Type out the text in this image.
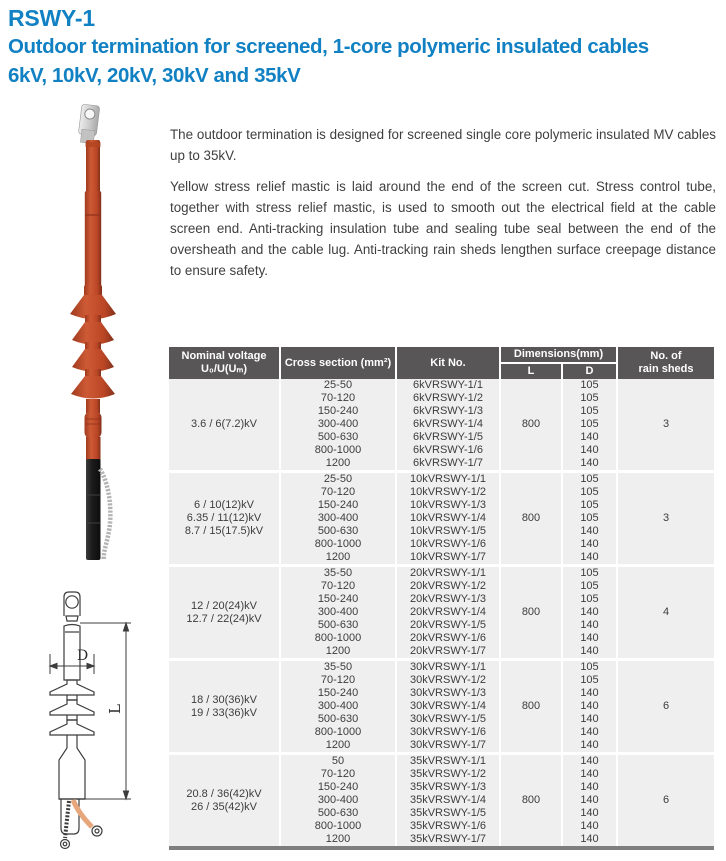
RSWY-1
Outdoor termination for screened, 1-core polymeric insulated cables
6kV, 10kV, 20kV, 30kV and 35kV
D
L

The outdoor termination is designed for screened single core polymeric insulated MV cables up to 35kV.

Yellow stress relief mastic is laid around the end of the screen cut. Stress control tube, together with stress relief mastic, is used to smooth out the electrical field at the cable screen end. Anti-tracking insulation tube and sealing tube seal between the end of the oversheath and the cable lug. Anti-tracking rain sheds lengthen surface creepage distance to ensure safety.

Nominal voltage
U₀/U(Uₘ)	Cross section (mm²)	Kit No.	Dimensions(mm)		No. of
rain sheds

			L	D	

3.6 / 6(7.2)kV	25-50	6kVRSWY-1/1	800	105	3
	70-120	6kVRSWY-1/2		105	
	150-240	6kVRSWY-1/3		105	
	300-400	6kVRSWY-1/4		105	
	500-630	6kVRSWY-1/5		140	
	800-1000	6kVRSWY-1/6		140	
	1200	6kVRSWY-1/7		140	

6 / 10(12)kV
6.35 / 11(12)kV
8.7 / 15(17.5)kV	25-50	10kVRSWY-1/1	800	105	3
	70-120	10kVRSWY-1/2		105	
	150-240	10kVRSWY-1/3		105	
	300-400	10kVRSWY-1/4		105	
	500-630	10kVRSWY-1/5		140	
	800-1000	10kVRSWY-1/6		140	
	1200	10kVRSWY-1/7		140	

12 / 20(24)kV
12.7 / 22(24)kV	35-50	20kVRSWY-1/1	800	105	4
	70-120	20kVRSWY-1/2		105	
	150-240	20kVRSWY-1/3		105	
	300-400	20kVRSWY-1/4		140	
	500-630	20kVRSWY-1/5		140	
	800-1000	20kVRSWY-1/6		140	
	1200	20kVRSWY-1/7		140	

18 / 30(36)kV
19 / 33(36)kV	35-50	30kVRSWY-1/1	800	105	6
	70-120	30kVRSWY-1/2		105	
	150-240	30kVRSWY-1/3		140	
	300-400	30kVRSWY-1/4		140	
	500-630	30kVRSWY-1/5		140	
	800-1000	30kVRSWY-1/6		140	
	1200	30kVRSWY-1/7		140	

20.8 / 36(42)kV
26 / 35(42)kV	50	35kVRSWY-1/1	800	140	6
	70-120	35kVRSWY-1/2		140	
	150-240	35kVRSWY-1/3		140	
	300-400	35kVRSWY-1/4		140	
	500-630	35kVRSWY-1/5		140	
	800-1000	35kVRSWY-1/6		140	
	1200	35kVRSWY-1/7		140	
